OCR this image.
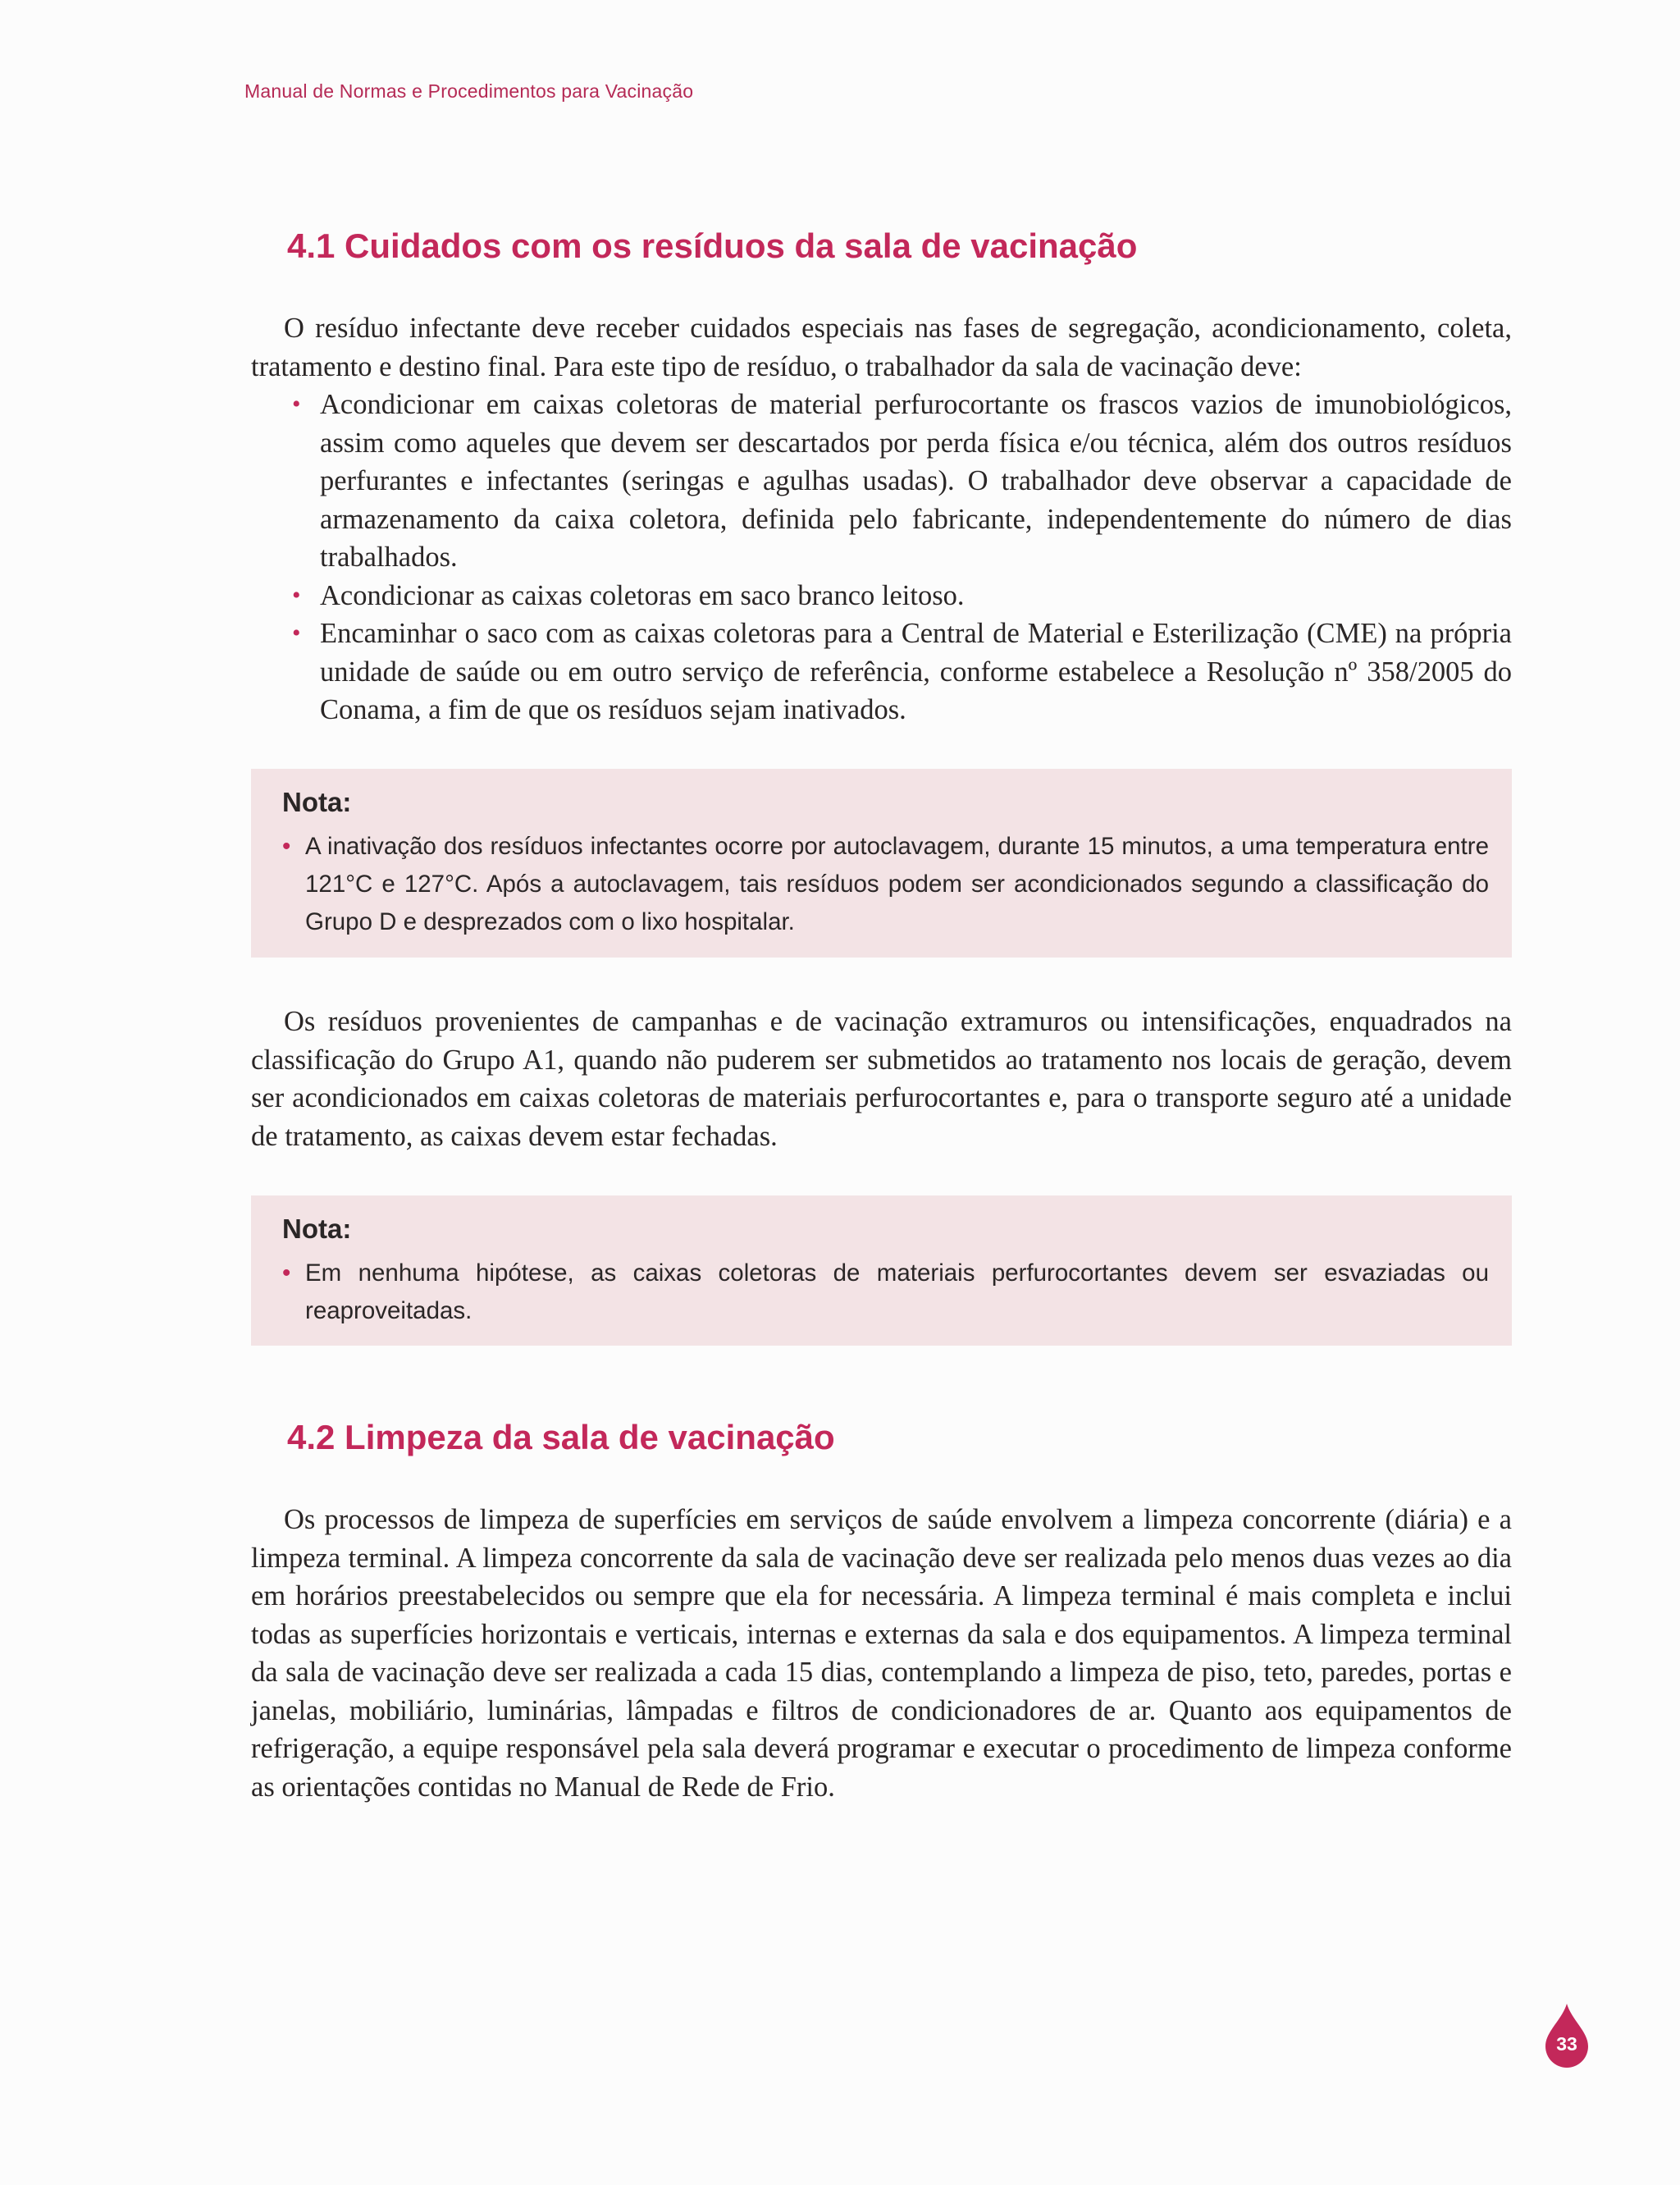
Manual de Normas e Procedimentos para Vacinação
4.1 Cuidados com os resíduos da sala de vacinação

O resíduo infectante deve receber cuidados especiais nas fases de segregação, acondicionamento, coleta, tratamento e destino final. Para este tipo de resíduo, o trabalhador da sala de vacinação deve:

• Acondicionar em caixas coletoras de material perfurocortante os frascos vazios de imunobiológicos, assim como aqueles que devem ser descartados por perda física e/ou técnica, além dos outros resíduos perfurantes e infectantes (seringas e agulhas usadas). O trabalhador deve observar a capacidade de armazenamento da caixa coletora, definida pelo fabricante, independentemente do número de dias trabalhados.
• Acondicionar as caixas coletoras em saco branco leitoso.
• Encaminhar o saco com as caixas coletoras para a Central de Material e Esterilização (CME) na própria unidade de saúde ou em outro serviço de referência, conforme estabelece a Resolução nº 358/2005 do Conama, a fim de que os resíduos sejam inativados.
Nota:
• A inativação dos resíduos infectantes ocorre por autoclavagem, durante 15 minutos, a uma temperatura entre 121°C e 127°C. Após a autoclavagem, tais resíduos podem ser acondicionados segundo a classificação do Grupo D e desprezados com o lixo hospitalar.

Os resíduos provenientes de campanhas e de vacinação extramuros ou intensificações, enquadrados na classificação do Grupo A1, quando não puderem ser submetidos ao tratamento nos locais de geração, devem ser acondicionados em caixas coletoras de materiais perfurocortantes e, para o transporte seguro até a unidade de tratamento, as caixas devem estar fechadas.

Nota:
• Em nenhuma hipótese, as caixas coletoras de materiais perfurocortantes devem ser esvaziadas ou reaproveitadas.
4.2 Limpeza da sala de vacinação

Os processos de limpeza de superfícies em serviços de saúde envolvem a limpeza concorrente (diária) e a limpeza terminal. A limpeza concorrente da sala de vacinação deve ser realizada pelo menos duas vezes ao dia em horários preestabelecidos ou sempre que ela for necessária. A limpeza terminal é mais completa e inclui todas as superfícies horizontais e verticais, internas e externas da sala e dos equipamentos. A limpeza terminal da sala de vacinação deve ser realizada a cada 15 dias, contemplando a limpeza de piso, teto, paredes, portas e janelas, mobiliário, luminárias, lâmpadas e filtros de condicionadores de ar. Quanto aos equipamentos de refrigeração, a equipe responsável pela sala deverá programar e executar o procedimento de limpeza conforme as orientações contidas no Manual de Rede de Frio.

33
